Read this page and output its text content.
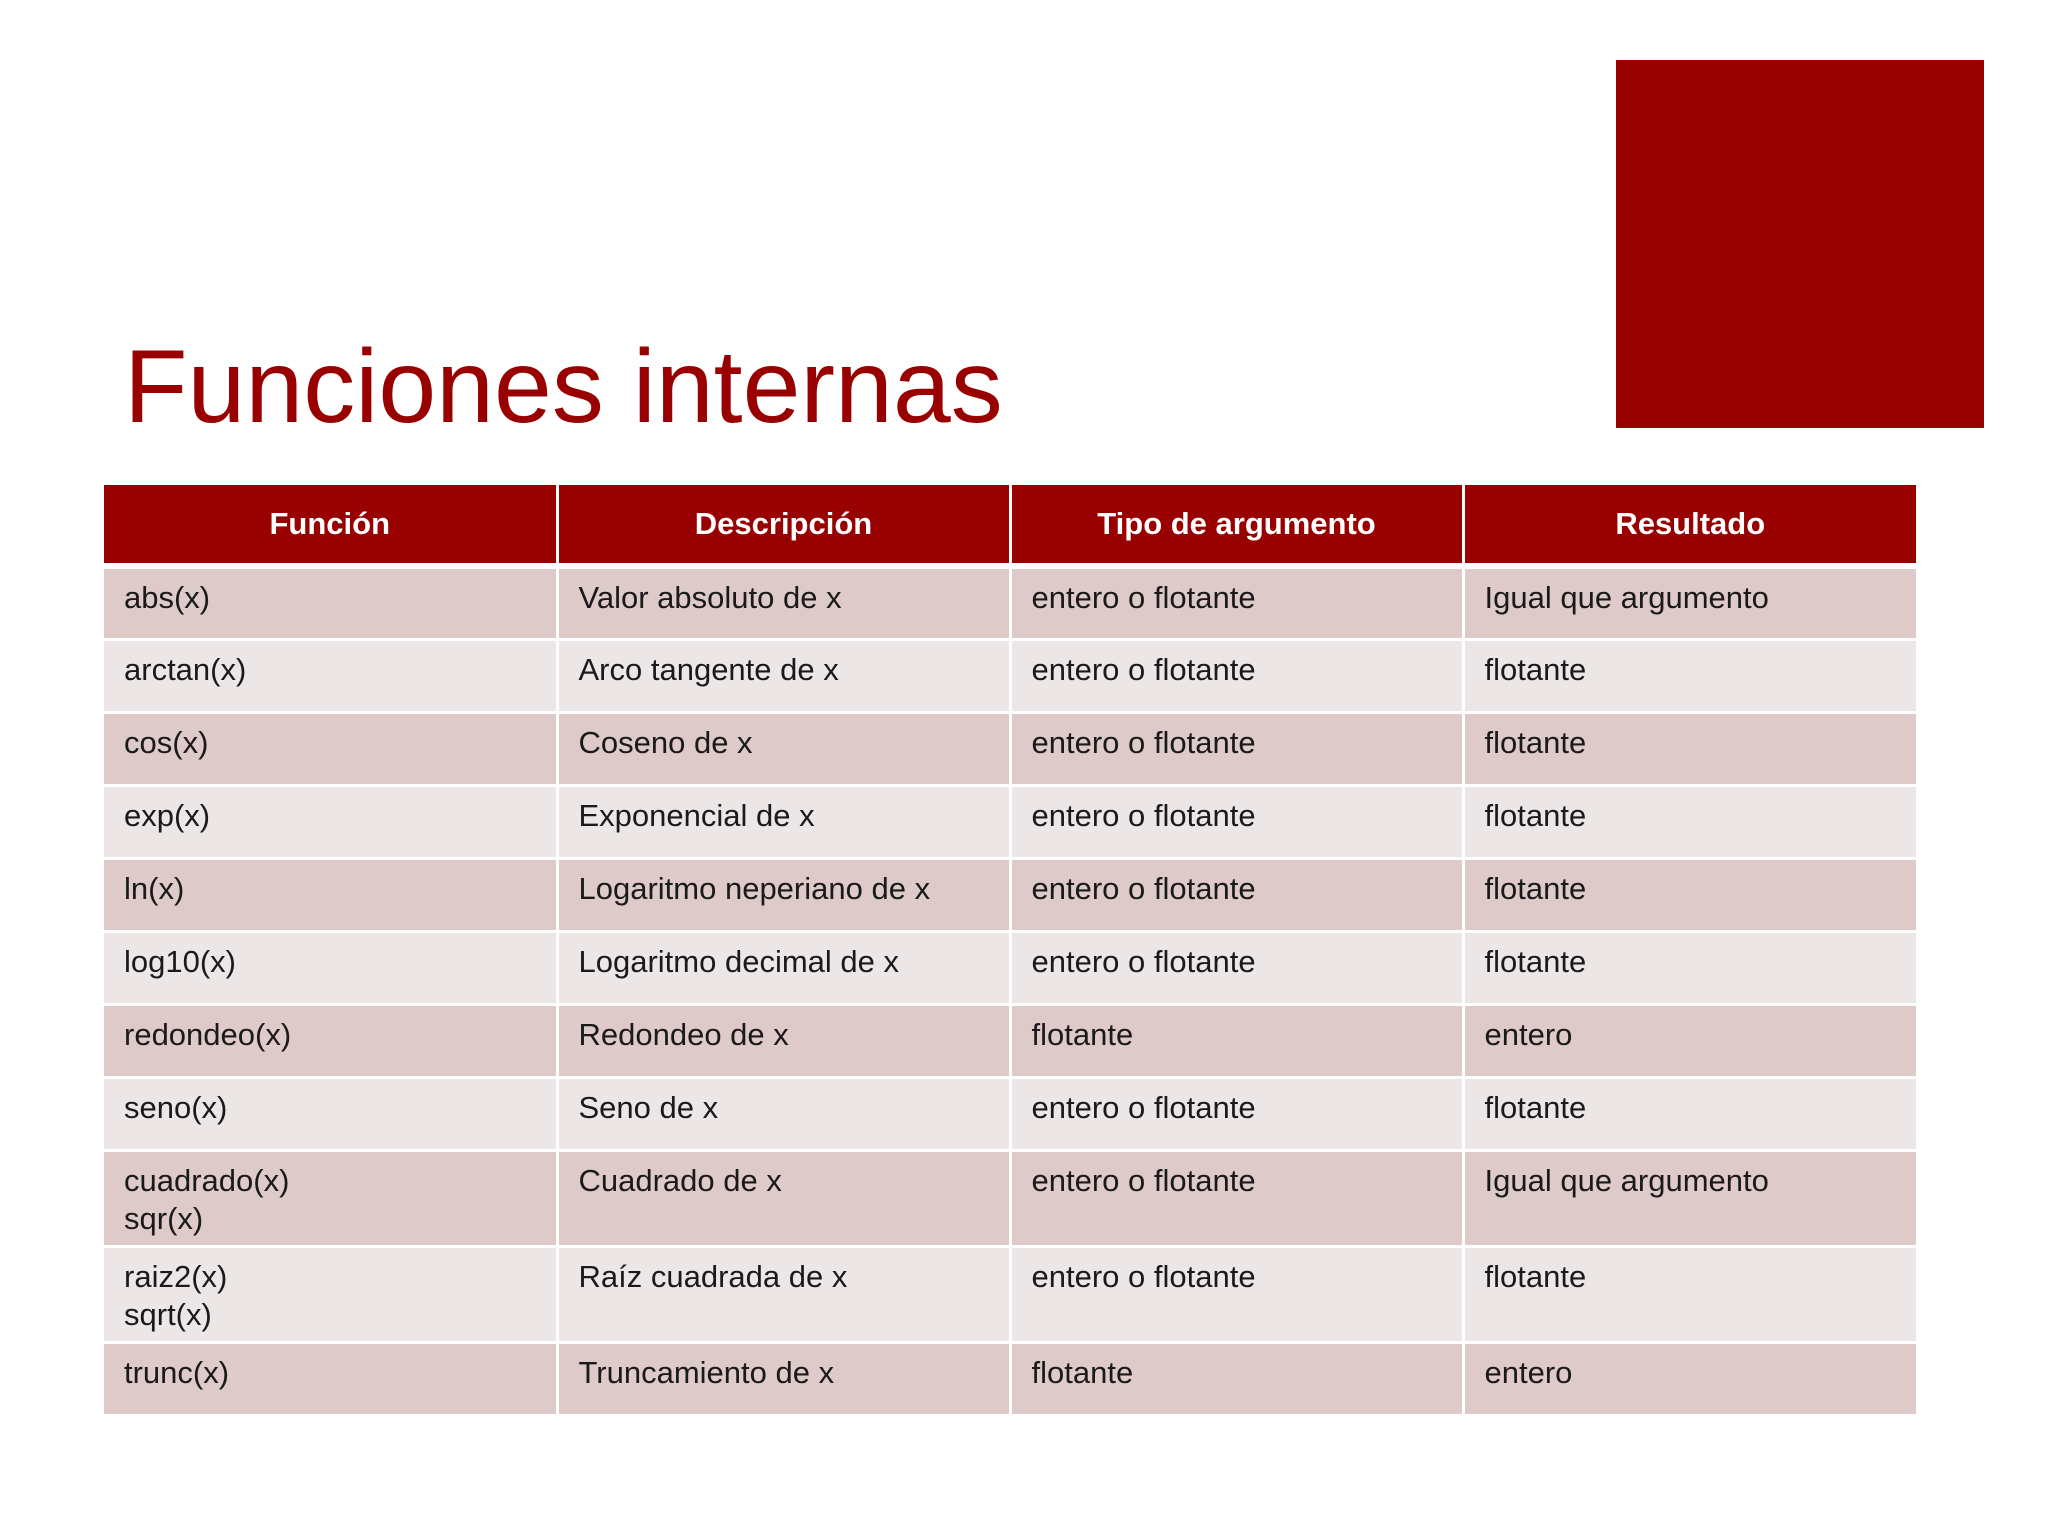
Funciones internas
Función	Descripción	Tipo de argumento	Resultado

abs(x)	Valor absoluto de x	entero o flotante	Igual que argumento

arctan(x)	Arco tangente de x	entero o flotante	flotante

cos(x)	Coseno de x	entero o flotante	flotante

exp(x)	Exponencial de x	entero o flotante	flotante

ln(x)	Logaritmo neperiano de x	entero o flotante	flotante

log10(x)	Logaritmo decimal de x	entero o flotante	flotante

redondeo(x)	Redondeo de x	flotante	entero

seno(x)	Seno de x	entero o flotante	flotante

cuadrado(x)
sqr(x)	Cuadrado de x	entero o flotante	Igual que argumento

raiz2(x)
sqrt(x)	Raíz cuadrada de x	entero o flotante	flotante

trunc(x)	Truncamiento de x	flotante	entero
